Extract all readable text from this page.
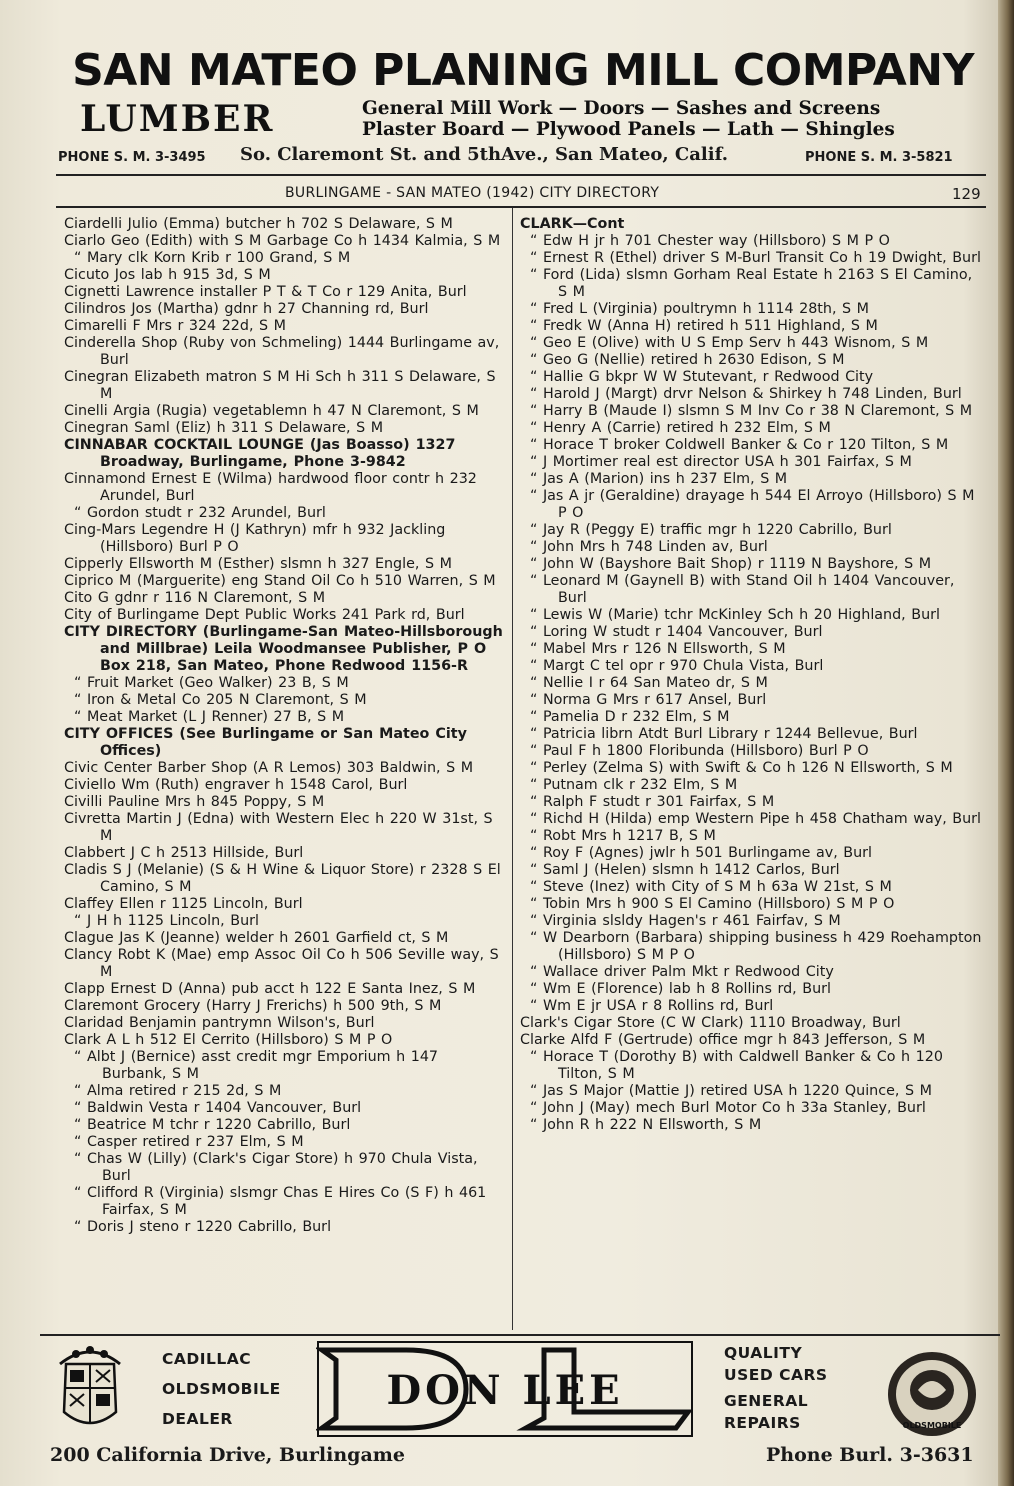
SAN MATEO PLANING MILL COMPANY
LUMBER	General Mill Work — Doors — Sashes and Screens
Plaster Board — Plywood Panels — Lath — Shingles
PHONE S. M. 3-3495 So. Claremont St. and 5thAve., San Mateo, Calif.	PHONE S. M. 3-5821
BURLINGAME - SAN MATEO (1942) CITY DIRECTORY	129
Ciardelli Julio (Emma) butcher h 702 S Delaware, S M
Ciarlo Geo (Edith) with S M Garbage Co h 1434 Kalmia, S M
“ Mary clk Korn Krib r 100 Grand, S M
Cicuto Jos lab h 915 3d, S M
Cignetti Lawrence installer P T & T Co r 129 Anita, Burl
Cilindros Jos (Martha) gdnr h 27 Channing rd, Burl
Cimarelli F Mrs r 324 22d, S M
Cinderella Shop (Ruby von Schmeling) 1444 Burlingame av, Burl
Cinegran Elizabeth matron S M Hi Sch h 311 S Delaware, S M
Cinelli Argia (Rugia) vegetablemn h 47 N Claremont, S M
Cinegran Saml (Eliz) h 311 S Delaware, S M
CINNABAR COCKTAIL LOUNGE (Jas Boasso) 1327 Broadway, Burlingame, Phone 3-9842
Cinnamond Ernest E (Wilma) hardwood floor contr h 232 Arundel, Burl
“ Gordon studt r 232 Arundel, Burl
Cing-Mars Legendre H (J Kathryn) mfr h 932 Jackling (Hillsboro) Burl P O
Cipperly Ellsworth M (Esther) slsmn h 327 Engle, S M
Ciprico M (Marguerite) eng Stand Oil Co h 510 Warren, S M
Cito G gdnr r 116 N Claremont, S M
City of Burlingame Dept Public Works 241 Park rd, Burl
CITY DIRECTORY (Burlingame-San Mateo-Hillsborough and Millbrae) Leila Woodmansee Publisher, P O Box 218, San Mateo, Phone Redwood 1156-R
“ Fruit Market (Geo Walker) 23 B, S M
“ Iron & Metal Co 205 N Claremont, S M
“ Meat Market (L J Renner) 27 B, S M
CITY OFFICES (See Burlingame or San Mateo City Offices)
Civic Center Barber Shop (A R Lemos) 303 Baldwin, S M
Civiello Wm (Ruth) engraver h 1548 Carol, Burl
Civilli Pauline Mrs h 845 Poppy, S M
Civretta Martin J (Edna) with Western Elec h 220 W 31st, S M
Clabbert J C h 2513 Hillside, Burl
Cladis S J (Melanie) (S & H Wine & Liquor Store) r 2328 S El Camino, S M
Claffey Ellen r 1125 Lincoln, Burl
“ J H h 1125 Lincoln, Burl
Clague Jas K (Jeanne) welder h 2601 Garfield ct, S M
Clancy Robt K (Mae) emp Assoc Oil Co h 506 Seville way, S M
Clapp Ernest D (Anna) pub acct h 122 E Santa Inez, S M
Claremont Grocery (Harry J Frerichs) h 500 9th, S M
Claridad Benjamin pantrymn Wilson's, Burl
Clark A L h 512 El Cerrito (Hillsboro) S M P O
“ Albt J (Bernice) asst credit mgr Emporium h 147 Burbank, S M
“ Alma retired r 215 2d, S M
“ Baldwin Vesta r 1404 Vancouver, Burl
“ Beatrice M tchr r 1220 Cabrillo, Burl
“ Casper retired r 237 Elm, S M
“ Chas W (Lilly) (Clark's Cigar Store) h 970 Chula Vista, Burl
“ Clifford R (Virginia) slsmgr Chas E Hires Co (S F) h 461 Fairfax, S M
“ Doris J steno r 1220 Cabrillo, Burl
CLARK—Cont
“ Edw H jr h 701 Chester way (Hillsboro) S M P O
“ Ernest R (Ethel) driver S M-Burl Transit Co h 19 Dwight, Burl
“ Ford (Lida) slsmn Gorham Real Estate h 2163 S El Camino, S M
“ Fred L (Virginia) poultrymn h 1114 28th, S M
“ Fredk W (Anna H) retired h 511 Highland, S M
“ Geo E (Olive) with U S Emp Serv h 443 Wisnom, S M
“ Geo G (Nellie) retired h 2630 Edison, S M
“ Hallie G bkpr W W Stutevant, r Redwood City
“ Harold J (Margt) drvr Nelson & Shirkey h 748 Linden, Burl
“ Harry B (Maude I) slsmn S M Inv Co r 38 N Claremont, S M
“ Henry A (Carrie) retired h 232 Elm, S M
“ Horace T broker Coldwell Banker & Co r 120 Tilton, S M
“ J Mortimer real est director USA h 301 Fairfax, S M
“ Jas A (Marion) ins h 237 Elm, S M
“ Jas A jr (Geraldine) drayage h 544 El Arroyo (Hillsboro) S M P O
“ Jay R (Peggy E) traffic mgr h 1220 Cabrillo, Burl
“ John Mrs h 748 Linden av, Burl
“ John W (Bayshore Bait Shop) r 1119 N Bayshore, S M
“ Leonard M (Gaynell B) with Stand Oil h 1404 Vancouver, Burl
“ Lewis W (Marie) tchr McKinley Sch h 20 Highland, Burl
“ Loring W studt r 1404 Vancouver, Burl
“ Mabel Mrs r 126 N Ellsworth, S M
“ Margt C tel opr r 970 Chula Vista, Burl
“ Nellie I r 64 San Mateo dr, S M
“ Norma G Mrs r 617 Ansel, Burl
“ Pamelia D r 232 Elm, S M
“ Patricia librn Atdt Burl Library r 1244 Bellevue, Burl
“ Paul F h 1800 Floribunda (Hillsboro) Burl P O
“ Perley (Zelma S) with Swift & Co h 126 N Ellsworth, S M
“ Putnam clk r 232 Elm, S M
“ Ralph F studt r 301 Fairfax, S M
“ Richd H (Hilda) emp Western Pipe h 458 Chatham way, Burl
“ Robt Mrs h 1217 B, S M
“ Roy F (Agnes) jwlr h 501 Burlingame av, Burl
“ Saml J (Helen) slsmn h 1412 Carlos, Burl
“ Steve (Inez) with City of S M h 63a W 21st, S M
“ Tobin Mrs h 900 S El Camino (Hillsboro) S M P O
“ Virginia slsldy Hagen's r 461 Fairfav, S M
“ W Dearborn (Barbara) shipping business h 429 Roehampton (Hillsboro) S M P O
“ Wallace driver Palm Mkt r Redwood City
“ Wm E (Florence) lab h 8 Rollins rd, Burl
“ Wm E jr USA r 8 Rollins rd, Burl
Clark's Cigar Store (C W Clark) 1110 Broadway, Burl
Clarke Alfd F (Gertrude) office mgr h 843 Jefferson, S M
“ Horace T (Dorothy B) with Caldwell Banker & Co h 120 Tilton, S M
“ Jas S Major (Mattie J) retired USA h 1220 Quince, S M
“ John J (May) mech Burl Motor Co h 33a Stanley, Burl
“ John R h 222 N Ellsworth, S M
CADILLAC
OLDSMOBILE
DEALER
DON LEE
QUALITY
USED CARS
GENERAL
REPAIRS	OLDSMOBILE
200 California Drive, Burlingame	Phone Burl. 3-3631
